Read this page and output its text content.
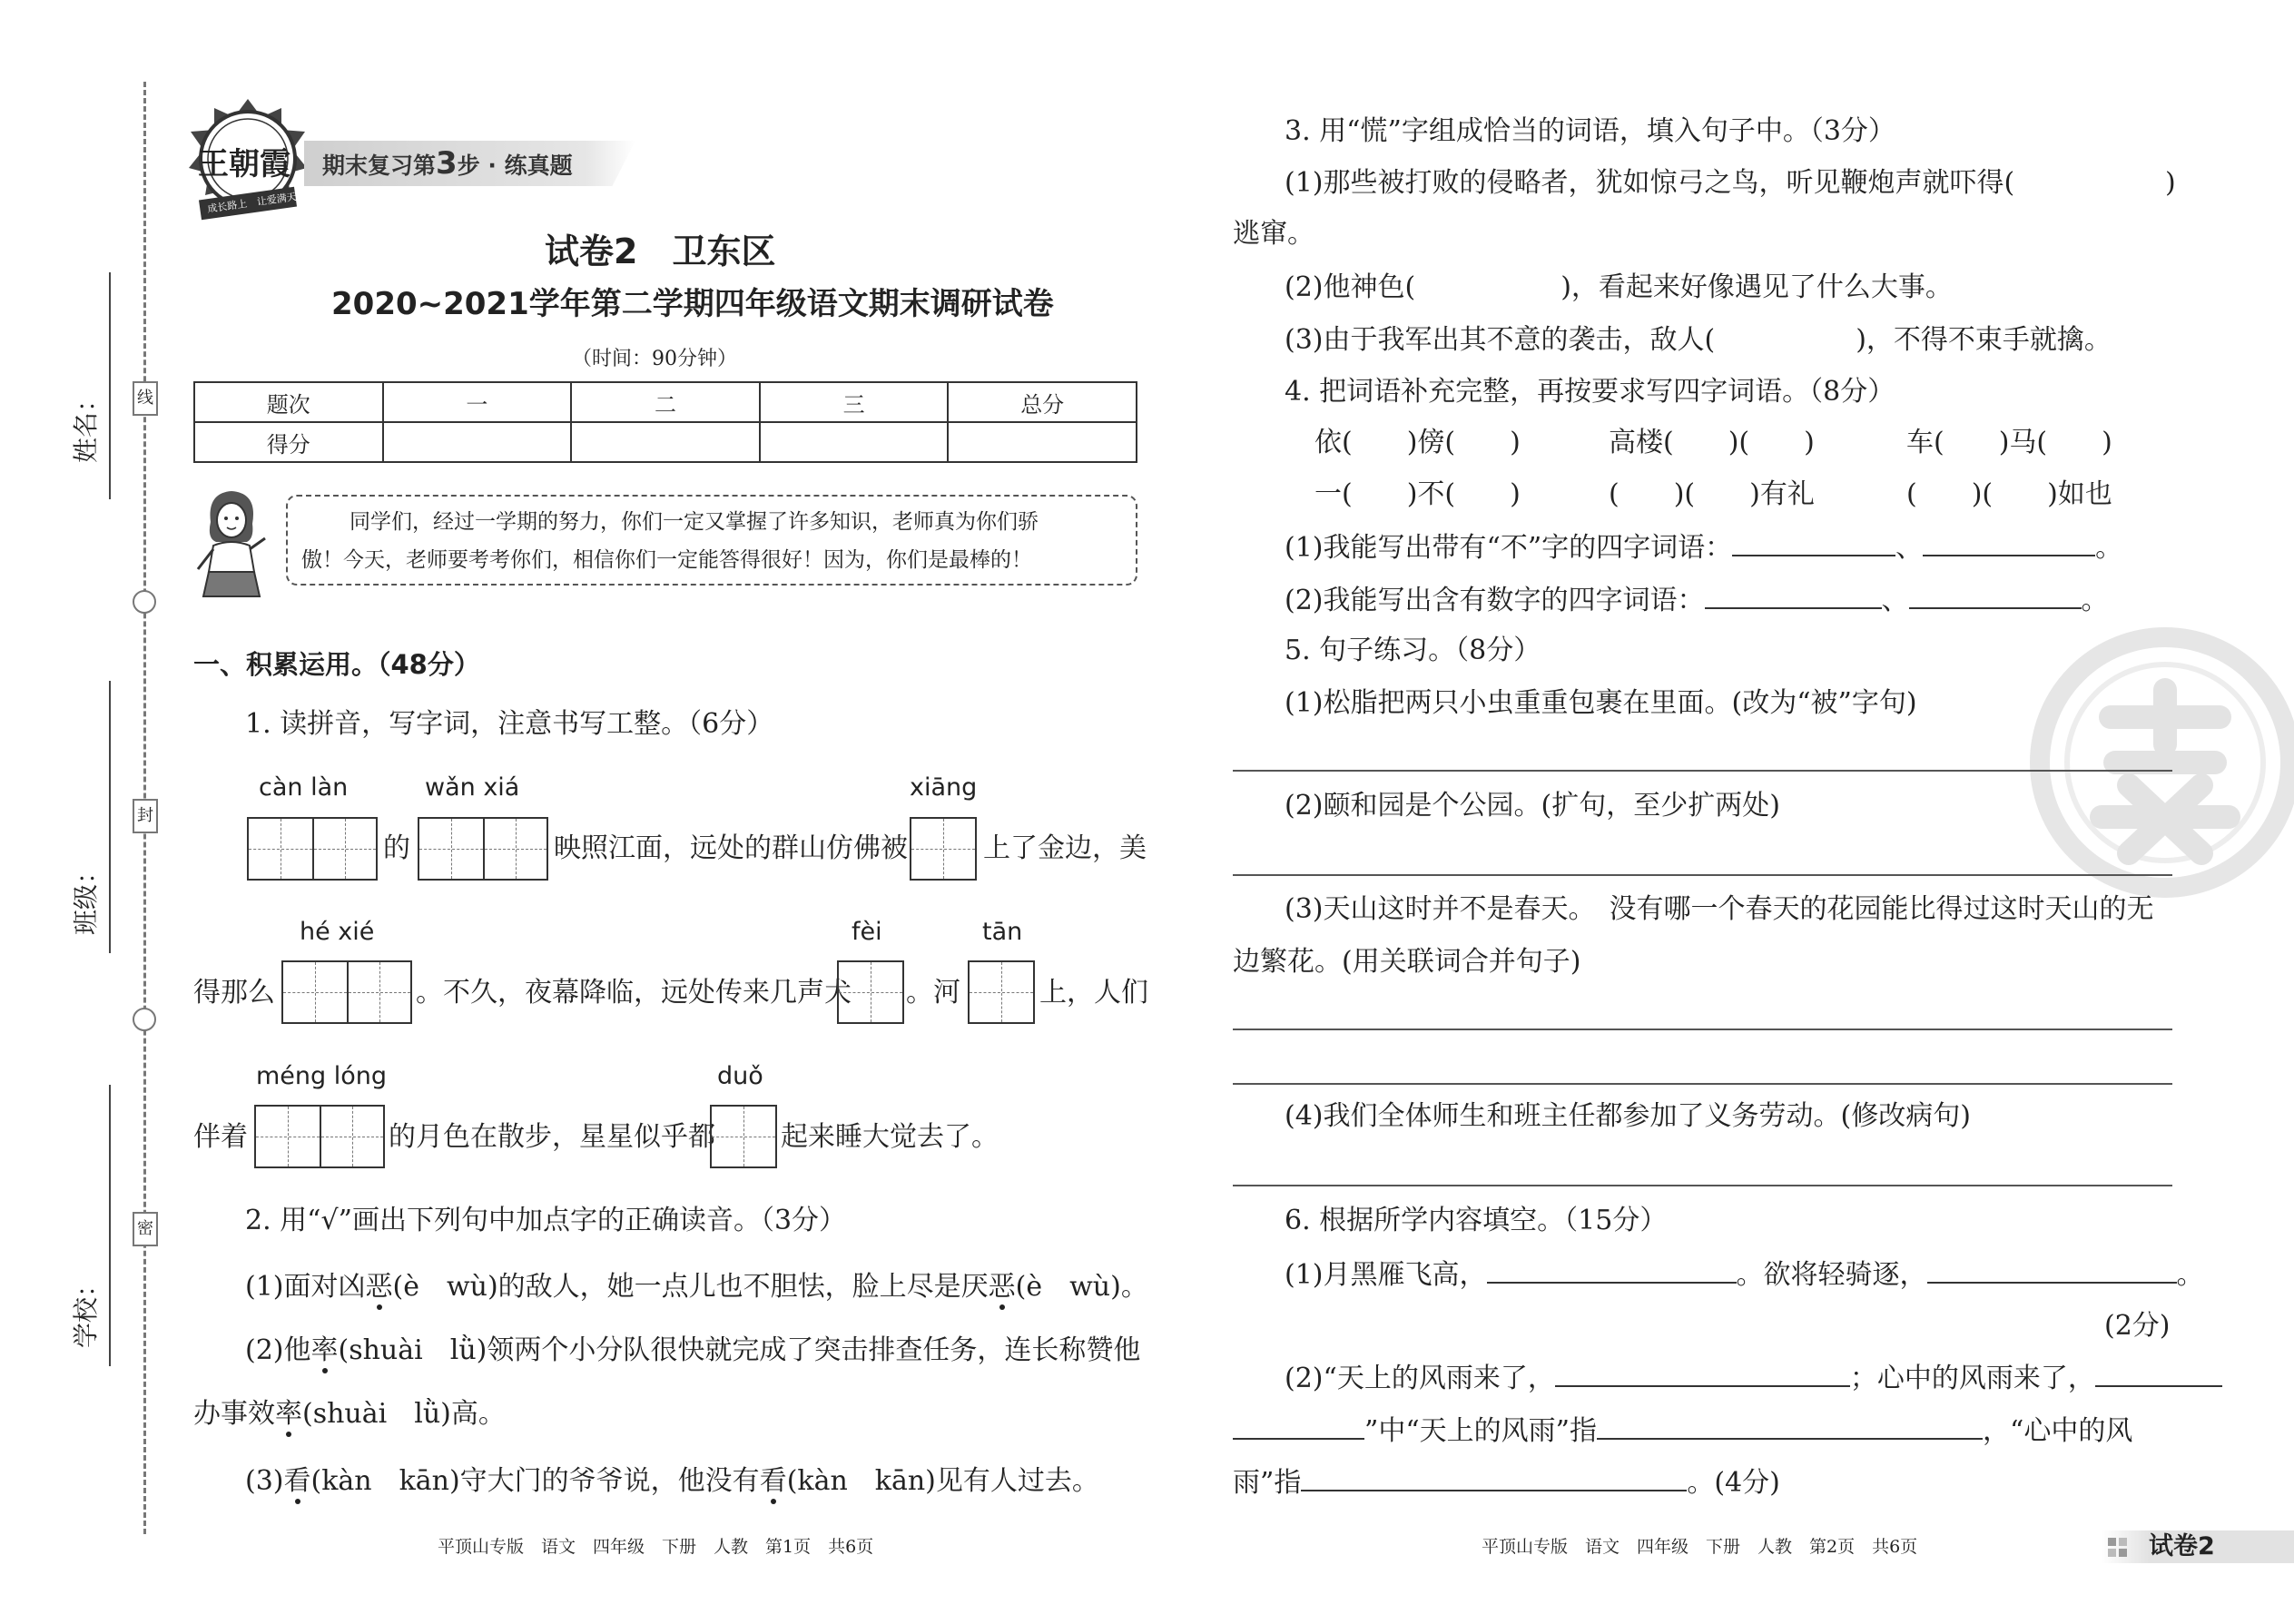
姓名：
班级：
学校：
线
封
密
王朝霞
成长路上　 让爱满天
期末复习第3步 · 练真题
试卷2　卫东区
2020~2021学年第二学期四年级语文期末调研试卷
（时间：90分钟）
题次	一	二	三	总分
得分				
同学们，经过一学期的努力，你们一定又掌握了许多知识，老师真为你们骄
傲！今天，老师要考考你们，相信你们一定能答得很好！因为，你们是最棒的！
一、积累运用。（48分）
1. 读拼音，写字词，注意书写工整。（6分）
càn làn	wǎn xiá	xiāng
的	映照江面，远处的群山仿佛被	上了金边，美
hé xié	fèi	tān
得那么	。不久，夜幕降临，远处传来几声犬 。河	上，人们
méng lóng	duǒ
伴着	的月色在散步，星星似乎都 起来睡大觉去了。
2. 用“√”画出下列句中加点字的正确读音。（3分）
(1)面对凶恶(è　wù)的敌人，她一点儿也不胆怯，脸上尽是厌恶(è　wù)。
(2)他率(shuài　lǜ)领两个小分队很快就完成了突击排查任务，连长称赞他
办事效率(shuài　lǜ)高。
(3)看(kàn　kān)守大门的爷爷说，他没有看(kàn　kān)见有人过去。
平顶山专版　语文　四年级　下册　人教　第1页　共6页
3. 用“慌”字组成恰当的词语，填入句子中。（3分）
(1)那些被打败的侵略者，犹如惊弓之鸟，听见鞭炮声就吓得(	)
逃窜。
(2)他神色(	)，看起来好像遇见了什么大事。
(3)由于我军出其不意的袭击，敌人(	)，不得不束手就擒。
4. 把词语补充完整，再按要求写四字词语。（8分）
依(　　)傍(　　)	高楼(　　)(　　)	车(　　)马(　　)
一(　　)不(　　)	(　　)(　　)有礼	(　　)(　　)如也
(1)我能写出带有“不”字的四字词语：	、	。
(2)我能写出含有数字的四字词语：	、	。
5. 句子练习。（8分）
(1)松脂把两只小虫重重包裹在里面。(改为“被”字句)
(2)颐和园是个公园。(扩句，至少扩两处)
(3)天山这时并不是春天。　没有哪一个春天的花园能比得过这时天山的无
边繁花。(用关联词合并句子)
(4)我们全体师生和班主任都参加了义务劳动。(修改病句)
6. 根据所学内容填空。（15分）
(1)月黑雁飞高，	。欲将轻骑逐，	。
(2分)
(2)“天上的风雨来了，	；心中的风雨来了，
”中“天上的风雨”指	，“心中的风
雨”指	。(4分)
平顶山专版　语文　四年级　下册　人教　第2页　共6页	试卷2
